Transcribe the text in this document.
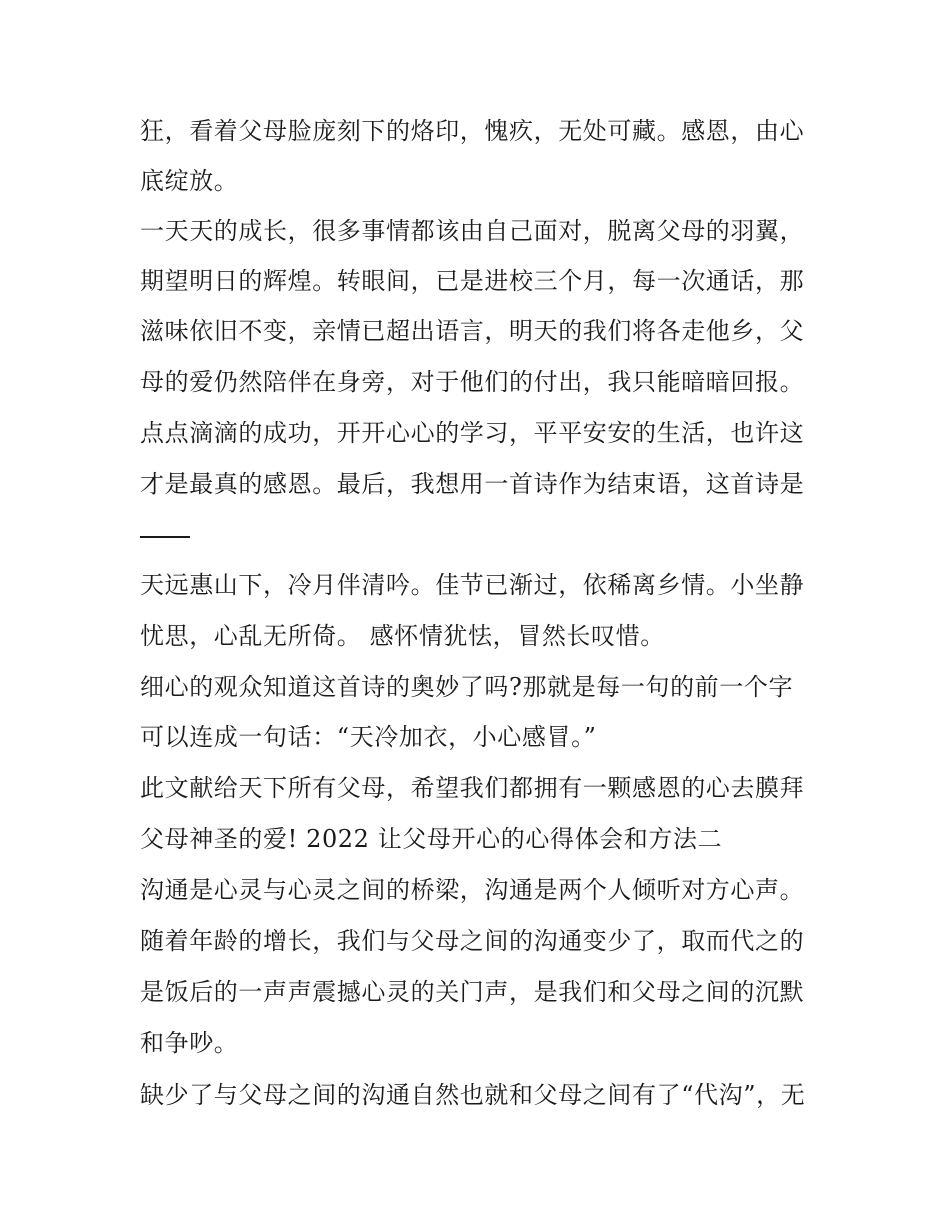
狂，看着父母脸庞刻下的烙印，愧疚，无处可藏。感恩，由心
底绽放。
一天天的成长，很多事情都该由自己面对，脱离父母的羽翼，
期望明日的辉煌。转眼间，已是进校三个月，每一次通话，那
滋味依旧不变，亲情已超出语言，明天的我们将各走他乡，父
母的爱仍然陪伴在身旁，对于他们的付出，我只能暗暗回报。
点点滴滴的成功，开开心心的学习，平平安安的生活，也许这
才是最真的感恩。最后，我想用一首诗作为结束语，这首诗是
天远惠山下，冷月伴清吟。佳节已渐过，依稀离乡情。小坐静
忧思，心乱无所倚。 感怀情犹怯，冒然长叹惜。
细心的观众知道这首诗的奥妙了吗?那就是每一句的前一个字
可以连成一句话：“天冷加衣，小心感冒。”
此文献给天下所有父母，希望我们都拥有一颗感恩的心去膜拜
父母神圣的爱! 2022 让父母开心的心得体会和方法二
沟通是心灵与心灵之间的桥梁，沟通是两个人倾听对方心声。
随着年龄的增长，我们与父母之间的沟通变少了，取而代之的
是饭后的一声声震撼心灵的关门声，是我们和父母之间的沉默
和争吵。
缺少了与父母之间的沟通自然也就和父母之间有了“代沟”，无
